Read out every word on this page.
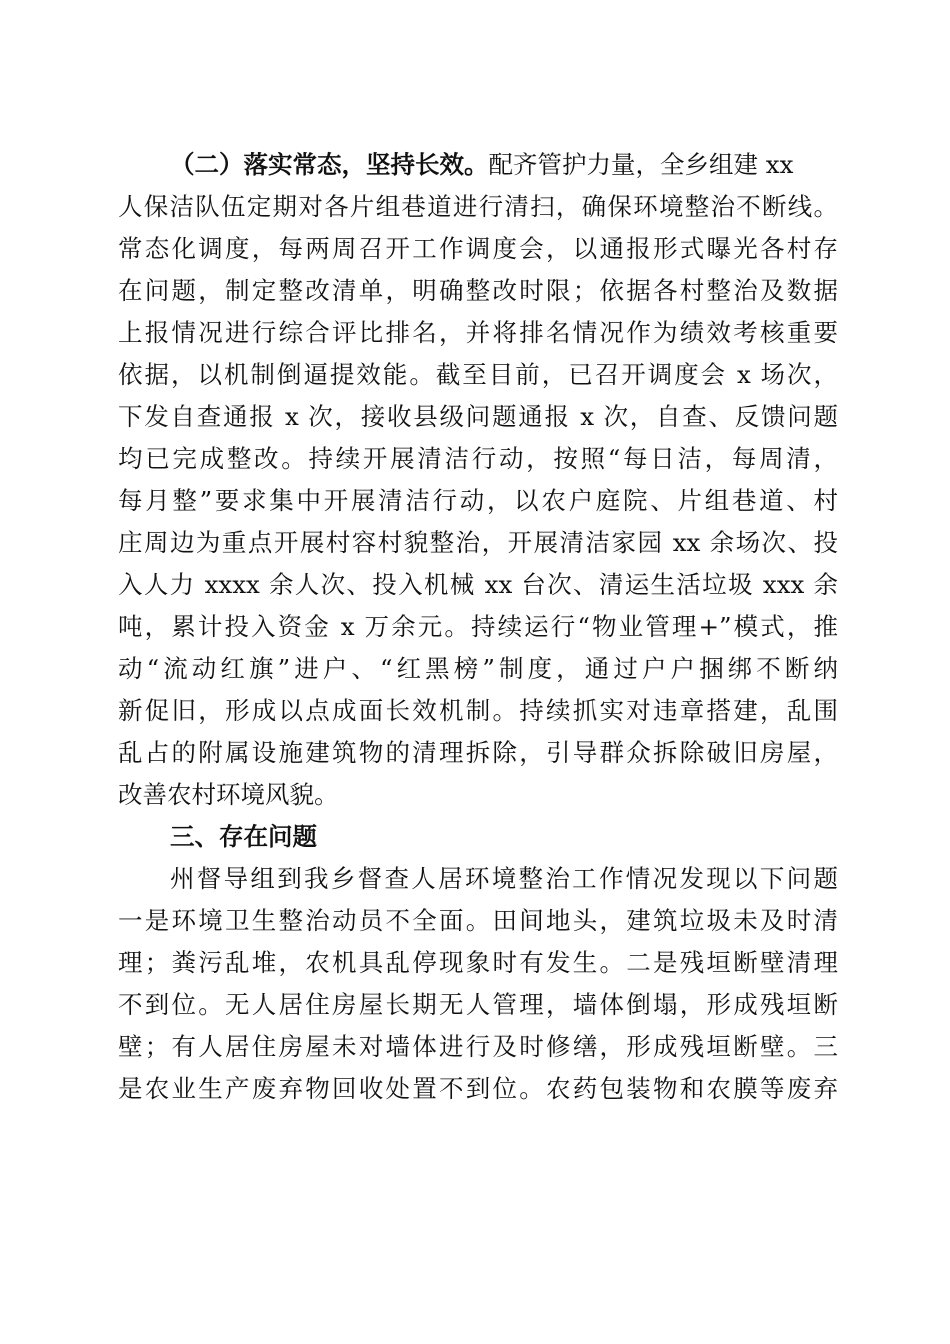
（二）落实常态，坚持长效。配齐管护力量，全乡组建 xx
人保洁队伍定期对各片组巷道进行清扫，确保环境整治不断线。
常态化调度，每两周召开工作调度会，以通报形式曝光各村存
在问题，制定整改清单，明确整改时限；依据各村整治及数据
上报情况进行综合评比排名，并将排名情况作为绩效考核重要
依据，以机制倒逼提效能。截至目前，已召开调度会 x 场次，
下发自查通报 x 次，接收县级问题通报 x 次，自查、反馈问题
均已完成整改。持续开展清洁行动，按照“每日洁，每周清，
每月整”要求集中开展清洁行动，以农户庭院、片组巷道、村
庄周边为重点开展村容村貌整治，开展清洁家园 xx 余场次、投
入人力 xxxx 余人次、投入机械 xx 台次、清运生活垃圾 xxx 余
吨，累计投入资金 x 万余元。持续运行“物业管理+”模式，推
动“流动红旗”进户、“红黑榜”制度，通过户户捆绑不断纳
新促旧，形成以点成面长效机制。持续抓实对违章搭建，乱围
乱占的附属设施建筑物的清理拆除，引导群众拆除破旧房屋，
改善农村环境风貌。
三、存在问题
州督导组到我乡督查人居环境整治工作情况发现以下问题
一是环境卫生整治动员不全面。田间地头，建筑垃圾未及时清
理；粪污乱堆，农机具乱停现象时有发生。二是残垣断壁清理
不到位。无人居住房屋长期无人管理，墙体倒塌，形成残垣断
壁；有人居住房屋未对墙体进行及时修缮，形成残垣断壁。三
是农业生产废弃物回收处置不到位。农药包装物和农膜等废弃
